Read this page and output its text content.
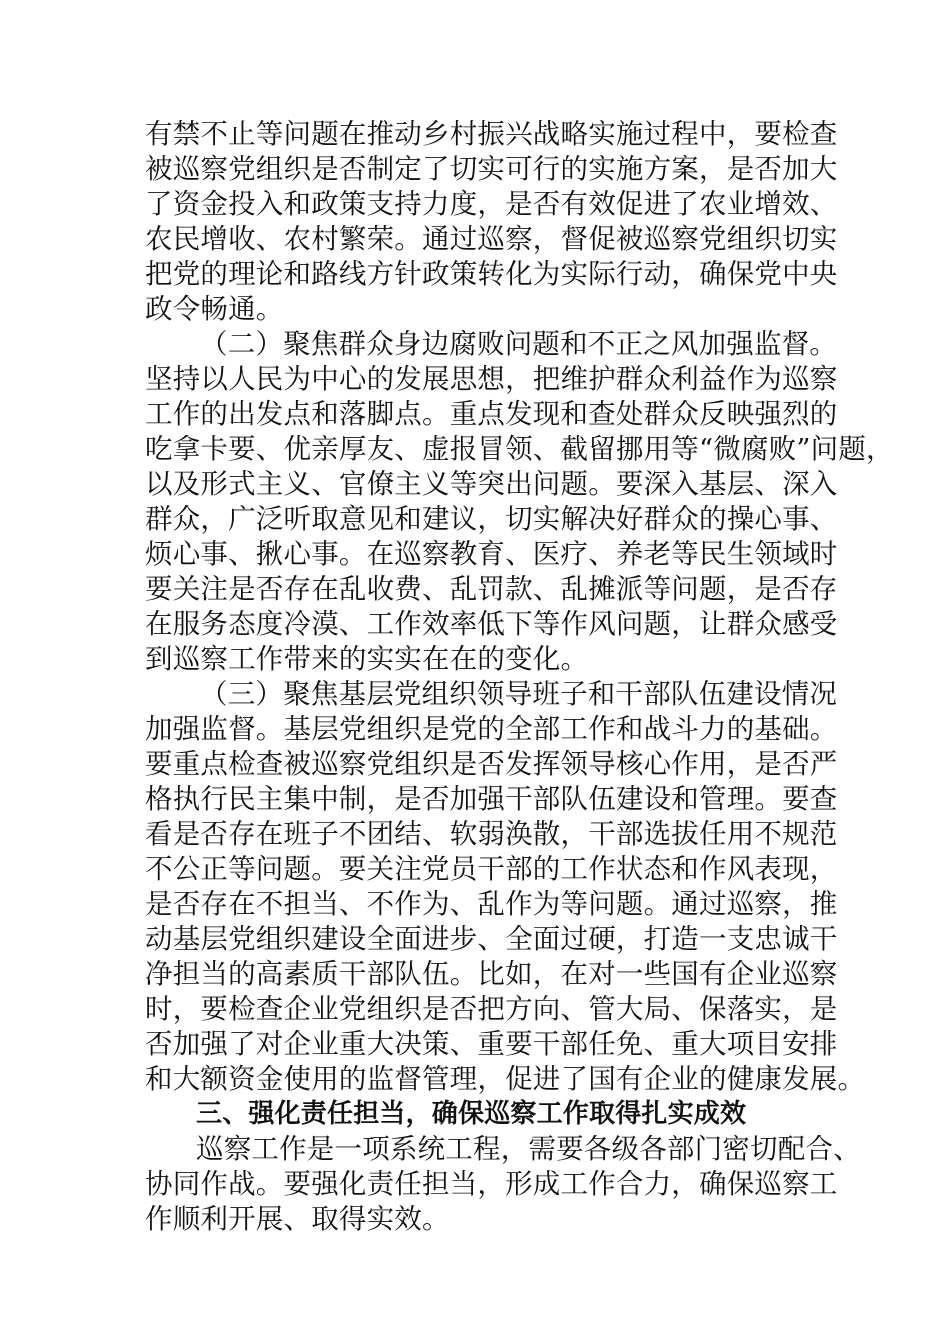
有禁不止等问题在推动乡村振兴战略实施过程中，要检查
被巡察党组织是否制定了切实可行的实施方案，是否加大
了资金投入和政策支持力度，是否有效促进了农业增效、
农民增收、农村繁荣。通过巡察，督促被巡察党组织切实
把党的理论和路线方针政策转化为实际行动，确保党中央
政令畅通。
（二）聚焦群众身边腐败问题和不正之风加强监督。
坚持以人民为中心的发展思想，把维护群众利益作为巡察
工作的出发点和落脚点。重点发现和查处群众反映强烈的
吃拿卡要、优亲厚友、虚报冒领、截留挪用等“微腐败”问题，
以及形式主义、官僚主义等突出问题。要深入基层、深入
群众，广泛听取意见和建议，切实解决好群众的操心事、
烦心事、揪心事。在巡察教育、医疗、养老等民生领域时
要关注是否存在乱收费、乱罚款、乱摊派等问题，是否存
在服务态度冷漠、工作效率低下等作风问题，让群众感受
到巡察工作带来的实实在在的变化。
（三）聚焦基层党组织领导班子和干部队伍建设情况
加强监督。基层党组织是党的全部工作和战斗力的基础。
要重点检查被巡察党组织是否发挥领导核心作用，是否严
格执行民主集中制，是否加强干部队伍建设和管理。要查
看是否存在班子不团结、软弱涣散，干部选拔任用不规范
不公正等问题。要关注党员干部的工作状态和作风表现，
是否存在不担当、不作为、乱作为等问题。通过巡察，推
动基层党组织建设全面进步、全面过硬，打造一支忠诚干
净担当的高素质干部队伍。比如，在对一些国有企业巡察
时，要检查企业党组织是否把方向、管大局、保落实，是
否加强了对企业重大决策、重要干部任免、重大项目安排
和大额资金使用的监督管理，促进了国有企业的健康发展。
三、强化责任担当，确保巡察工作取得扎实成效
巡察工作是一项系统工程，需要各级各部门密切配合、
协同作战。要强化责任担当，形成工作合力，确保巡察工
作顺利开展、取得实效。
